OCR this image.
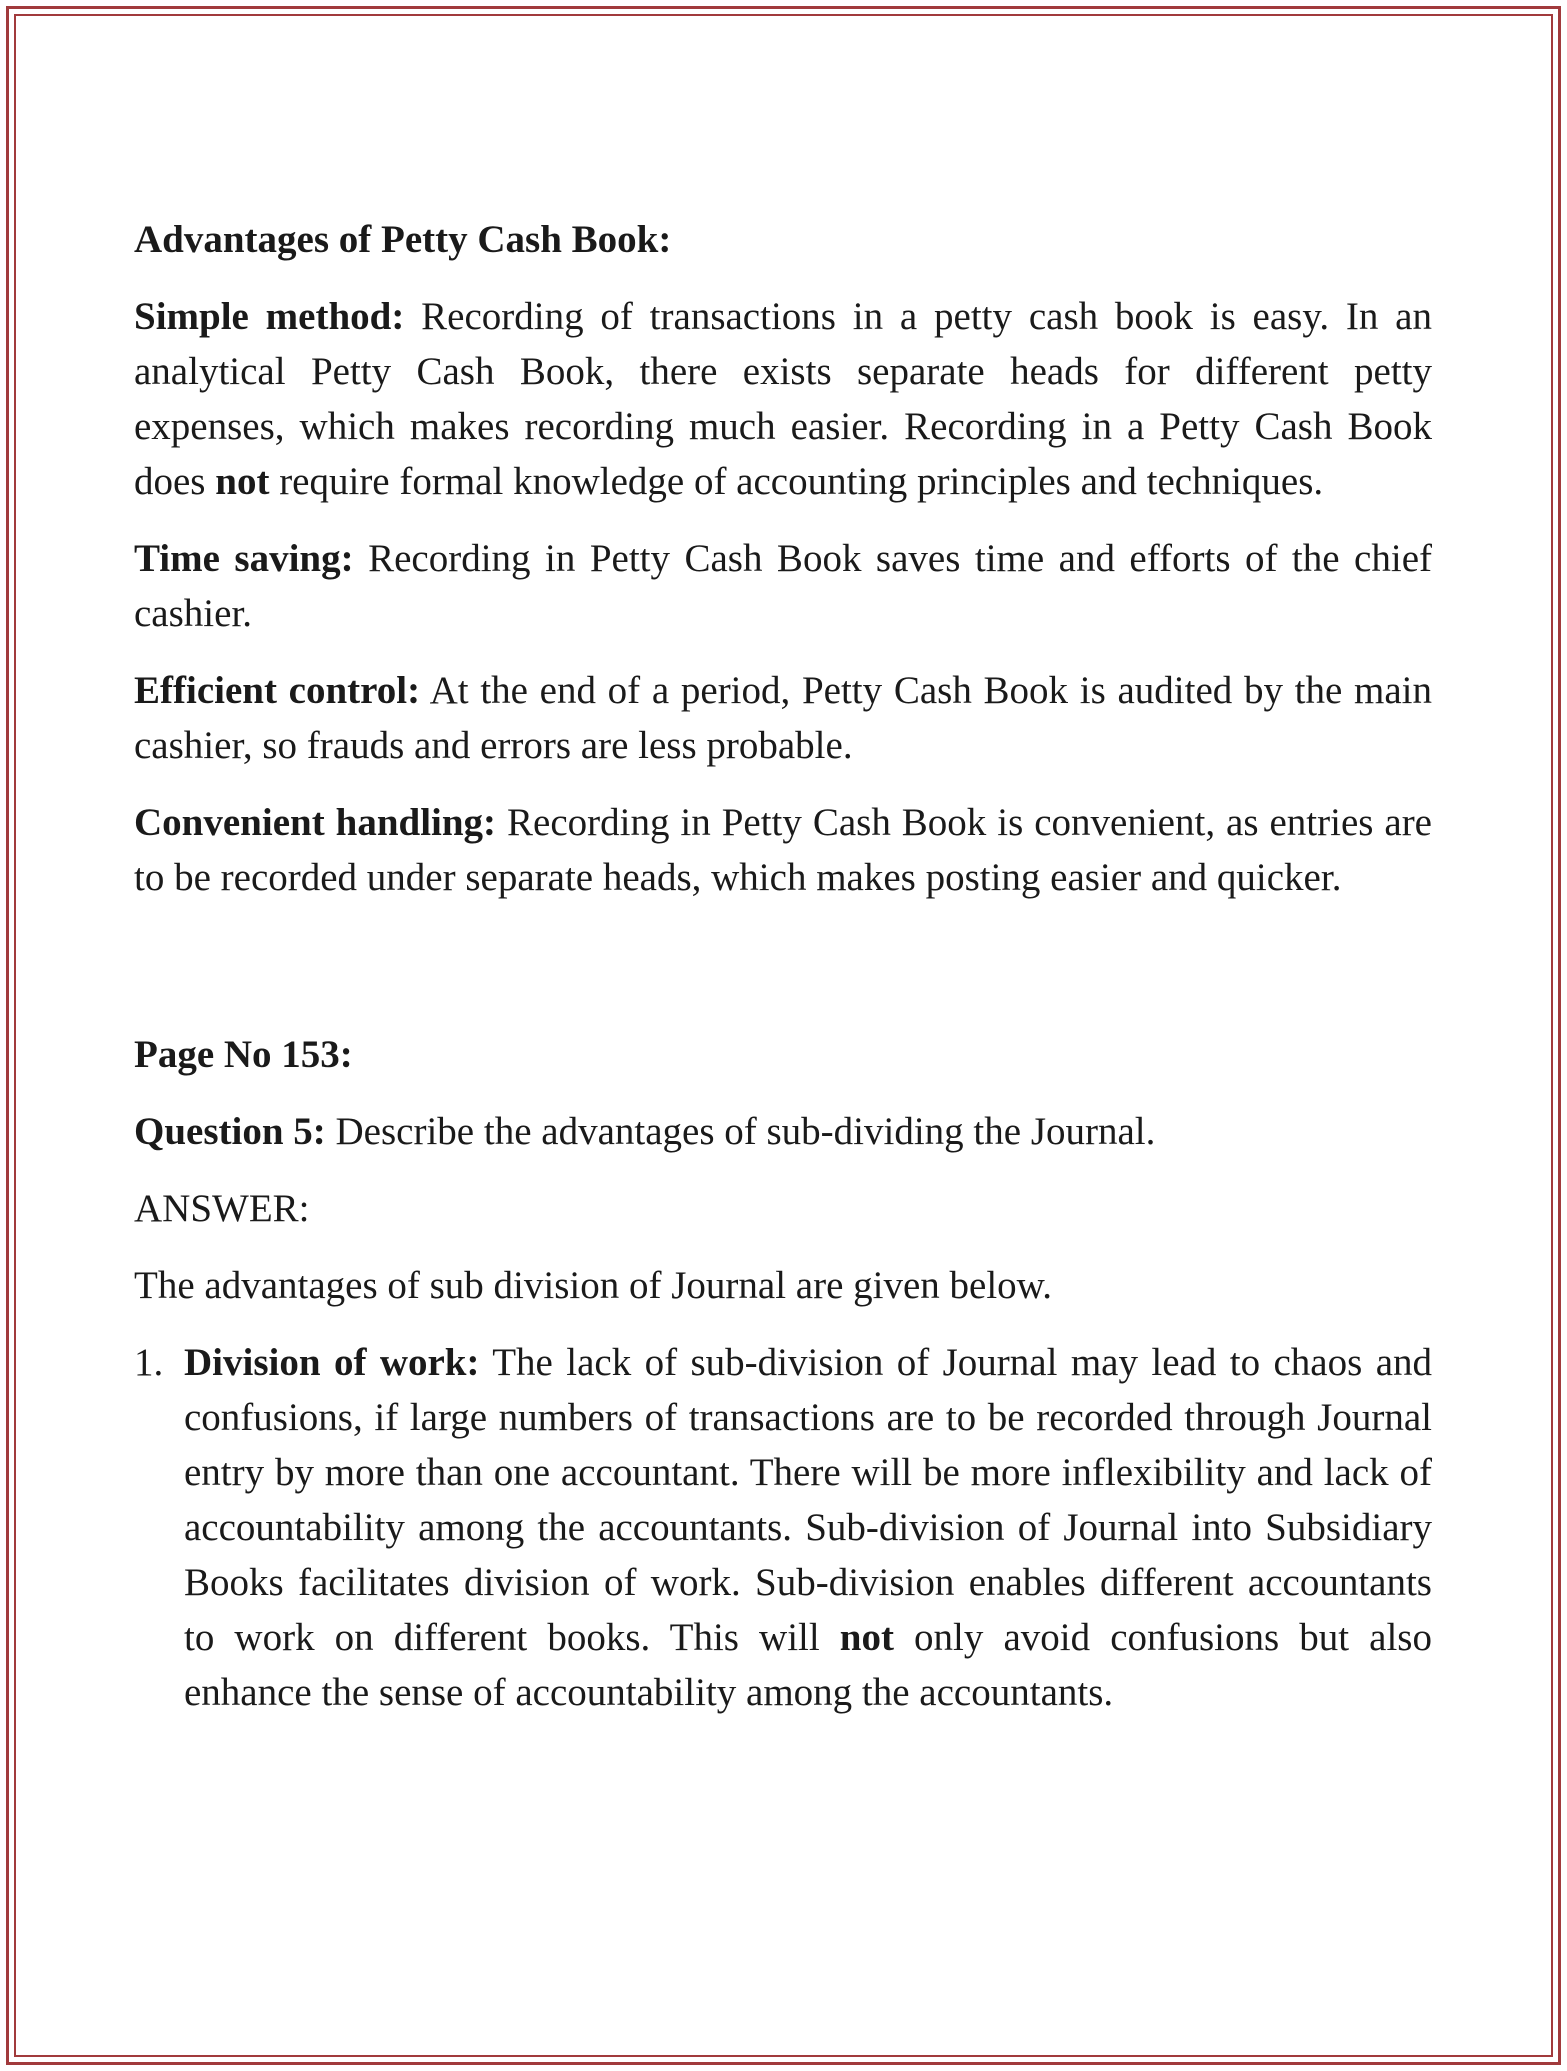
Advantages of Petty Cash Book:

Simple method: Recording of transactions in a petty cash book is easy. In an analytical Petty Cash Book, there exists separate heads for different petty expenses, which makes recording much easier. Recording in a Petty Cash Book does not require formal knowledge of accounting principles and techniques.

Time saving: Recording in Petty Cash Book saves time and efforts of the chief cashier.

Efficient control: At the end of a period, Petty Cash Book is audited by the main cashier, so frauds and errors are less probable.

Convenient handling: Recording in Petty Cash Book is convenient, as entries are to be recorded under separate heads, which makes posting easier and quicker.

Page No 153:

Question 5: Describe the advantages of sub-dividing the Journal.

ANSWER:

The advantages of sub division of Journal are given below.

1. Division of work: The lack of sub-division of Journal may lead to chaos and confusions, if large numbers of transactions are to be recorded through Journal entry by more than one accountant. There will be more inflexibility and lack of accountability among the accountants. Sub-division of Journal into Subsidiary Books facilitates division of work. Sub-division enables different accountants to work on different books. This will not only avoid confusions but also enhance the sense of accountability among the accountants.
